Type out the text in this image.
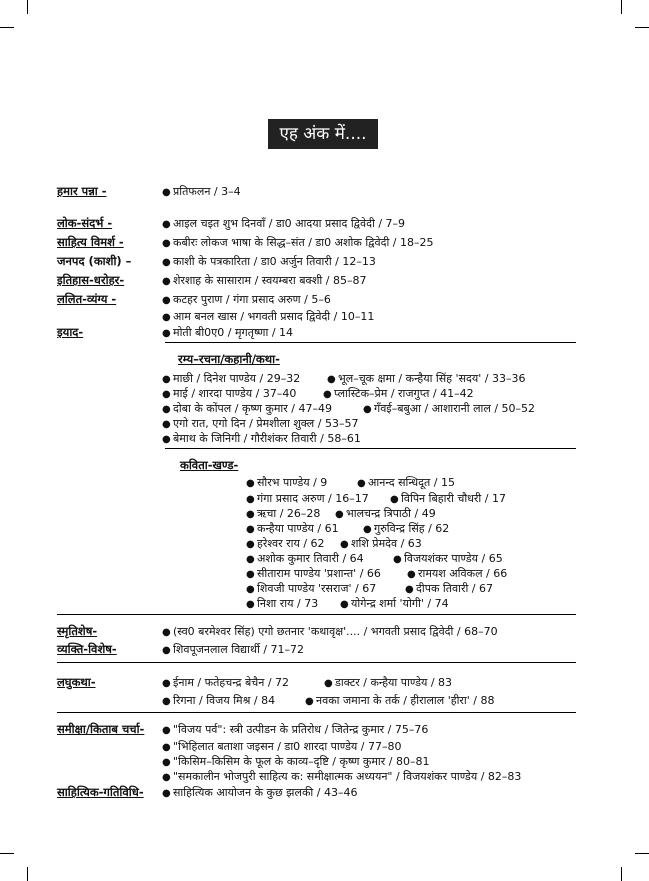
एह अंक में....
हमार पन्ना -	● प्रतिफलन / 3–4
लोक-संदर्भ -	● आइल चइत शुभ दिनवाँ / डा0 आदया प्रसाद द्विवेदी / 7–9
साहित्य विमर्श -	● कबीरः लोकज भाषा के सिद्ध–संत / डा0 अशोक द्विवेदी / 18–25
जनपद (काशी) –	● काशी के पत्रकारिता / डा0 अर्जुन तिवारी / 12–13
इतिहास-धरोहर-	● शेरशाह के सासाराम / स्वयम्बरा बक्शी / 85–87
ललित-व्यंग्य -	● कटहर पुराण / गंगा प्रसाद अरुण / 5–6
● आम बनल खास / भगवती प्रसाद द्विवेदी / 10–11
इयाद-	● मोती बी0ए0 / मृगतृष्णा / 14
रम्य–रचना/कहानी/कथा-
● माछी / दिनेश पाण्डेय / 29–32	● भूल–चूक क्षमा / कन्हैया सिंह 'सदय' / 33–36
● माई / शारदा पाण्डेय / 37–40	● प्लास्टिक–प्रेम / राजगुप्त / 41–42
● दोबा के कोंपल / कृष्ण कुमार / 47–49	● गँवई–बबुआ / आशारानी लाल / 50–52
● एगो रात, एगो दिन / प्रेमशीला शुक्ल / 53–57
● बेमाथ के जिनिगी / गौरीशंकर तिवारी / 58–61
कविता-खण्ड-
● सौरभ पाण्डेय / 9	● आनन्द सन्धिदूत / 15
● गंगा प्रसाद अरुण / 16–17 ● विपिन बिहारी चौधरी / 17
● ऋचा / 26–28 ● भालचन्द्र त्रिपाठी / 49
● कन्हैया पाण्डेय / 61 ● गुरुविन्द्र सिंह / 62
● हरेश्वर राय / 62 ● शशि प्रेमदेव / 63
● अशोक कुमार तिवारी / 64	● विजयशंकर पाण्डेय / 65
● सीताराम पाण्डेय 'प्रशान्त' / 66	● रामयश अविकल / 66
● शिवजी पाण्डेय 'रसराज' / 67	● दीपक तिवारी / 67
● निशा राय / 73 ● योगेन्द्र शर्मा 'योगी' / 74
स्मृतिशेष-	● (स्व0 बरमेश्वर सिंह) एगो छतनार 'कथावृक्ष'.... / भगवती प्रसाद द्विवेदी / 68–70
व्यक्ति-विशेष-	● शिवपूजनलाल विद्यार्थी / 71–72
लघुकथा-	● ईनाम / फतेहचन्द्र बेचैन / 72	● डाक्टर / कन्हैया पाण्डेय / 83
● रिगना / विजय मिश्र / 84	● नवका जमाना के तर्क / हीरालाल 'हीरा' / 88
समीक्षा/किताब चर्चा- ● "विजय पर्व": स्त्री उत्पीडन के प्रतिरोध / जितेन्द्र कुमार / 75–76
● "भिहिलात बताशा जइसन / डा0 शारदा पाण्डेय / 77–80
● "किसिम–किसिम के फूल के काव्य–दृष्टि / कृष्ण कुमार / 80–81
● "समकालीन भोजपुरी साहित्य क: समीक्षात्मक अध्ययन" / विजयशंकर पाण्डेय / 82–83
साहित्यिक-गतिविधि- ● साहित्यिक आयोजन के कुछ झलकी / 43–46
